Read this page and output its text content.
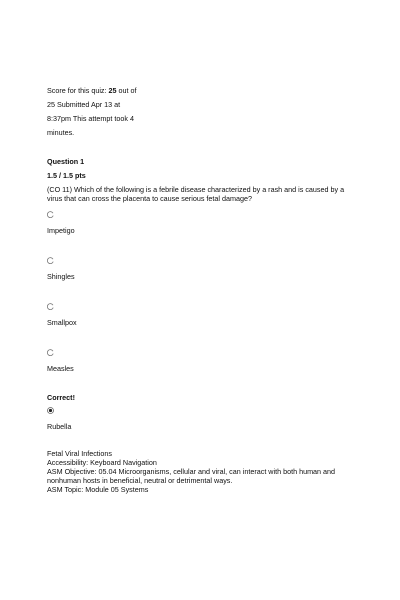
Score for this quiz: 25 out of
25 Submitted Apr 13 at
8:37pm This attempt took 4
minutes.
Question 1
1.5 / 1.5 pts
(CO 11) Which of the following is a febrile disease characterized by a rash and is caused by a virus that can cross the placenta to cause serious fetal damage?
Impetigo
Shingles
Smallpox
Measles
Correct!
Rubella
Fetal Viral Infections
Accessibility: Keyboard Navigation
ASM Objective: 05.04 Microorganisms, cellular and viral, can interact with both human and nonhuman hosts in beneficial, neutral or detrimental ways.
ASM Topic: Module 05 Systems
